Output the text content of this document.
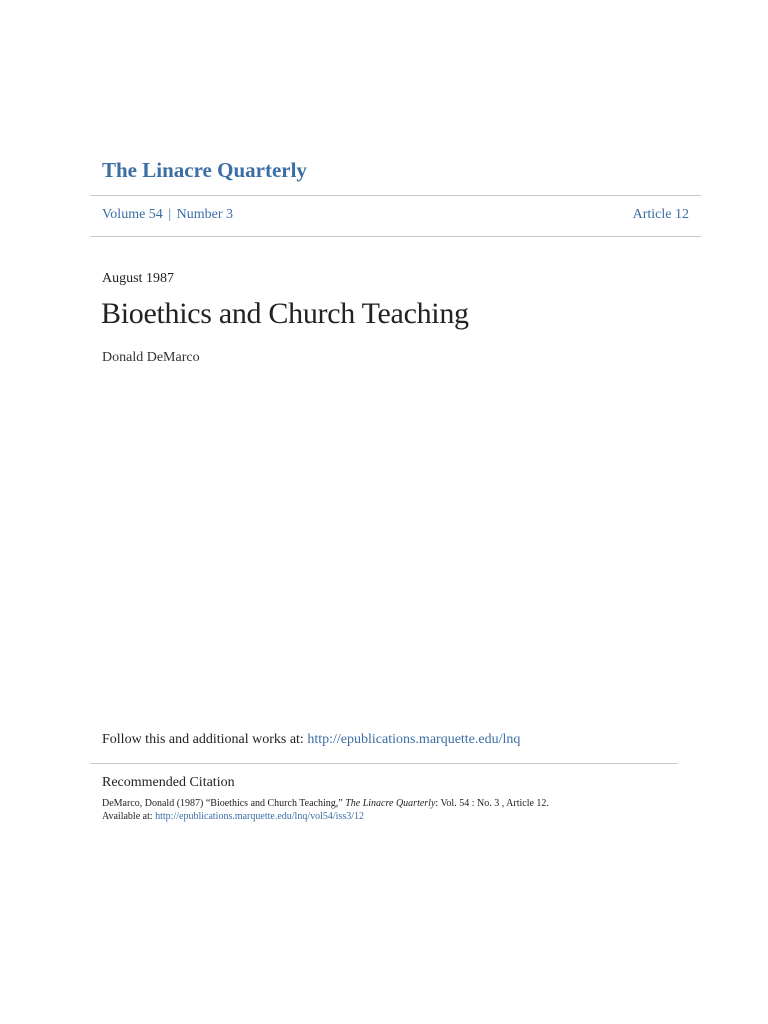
The Linacre Quarterly
Volume 54 | Number 3	Article 12
August 1987
Bioethics and Church Teaching
Donald DeMarco
Follow this and additional works at: http://epublications.marquette.edu/lnq
Recommended Citation
DeMarco, Donald (1987) “Bioethics and Church Teaching,” The Linacre Quarterly: Vol. 54 : No. 3 , Article 12.
Available at: http://epublications.marquette.edu/lnq/vol54/iss3/12
